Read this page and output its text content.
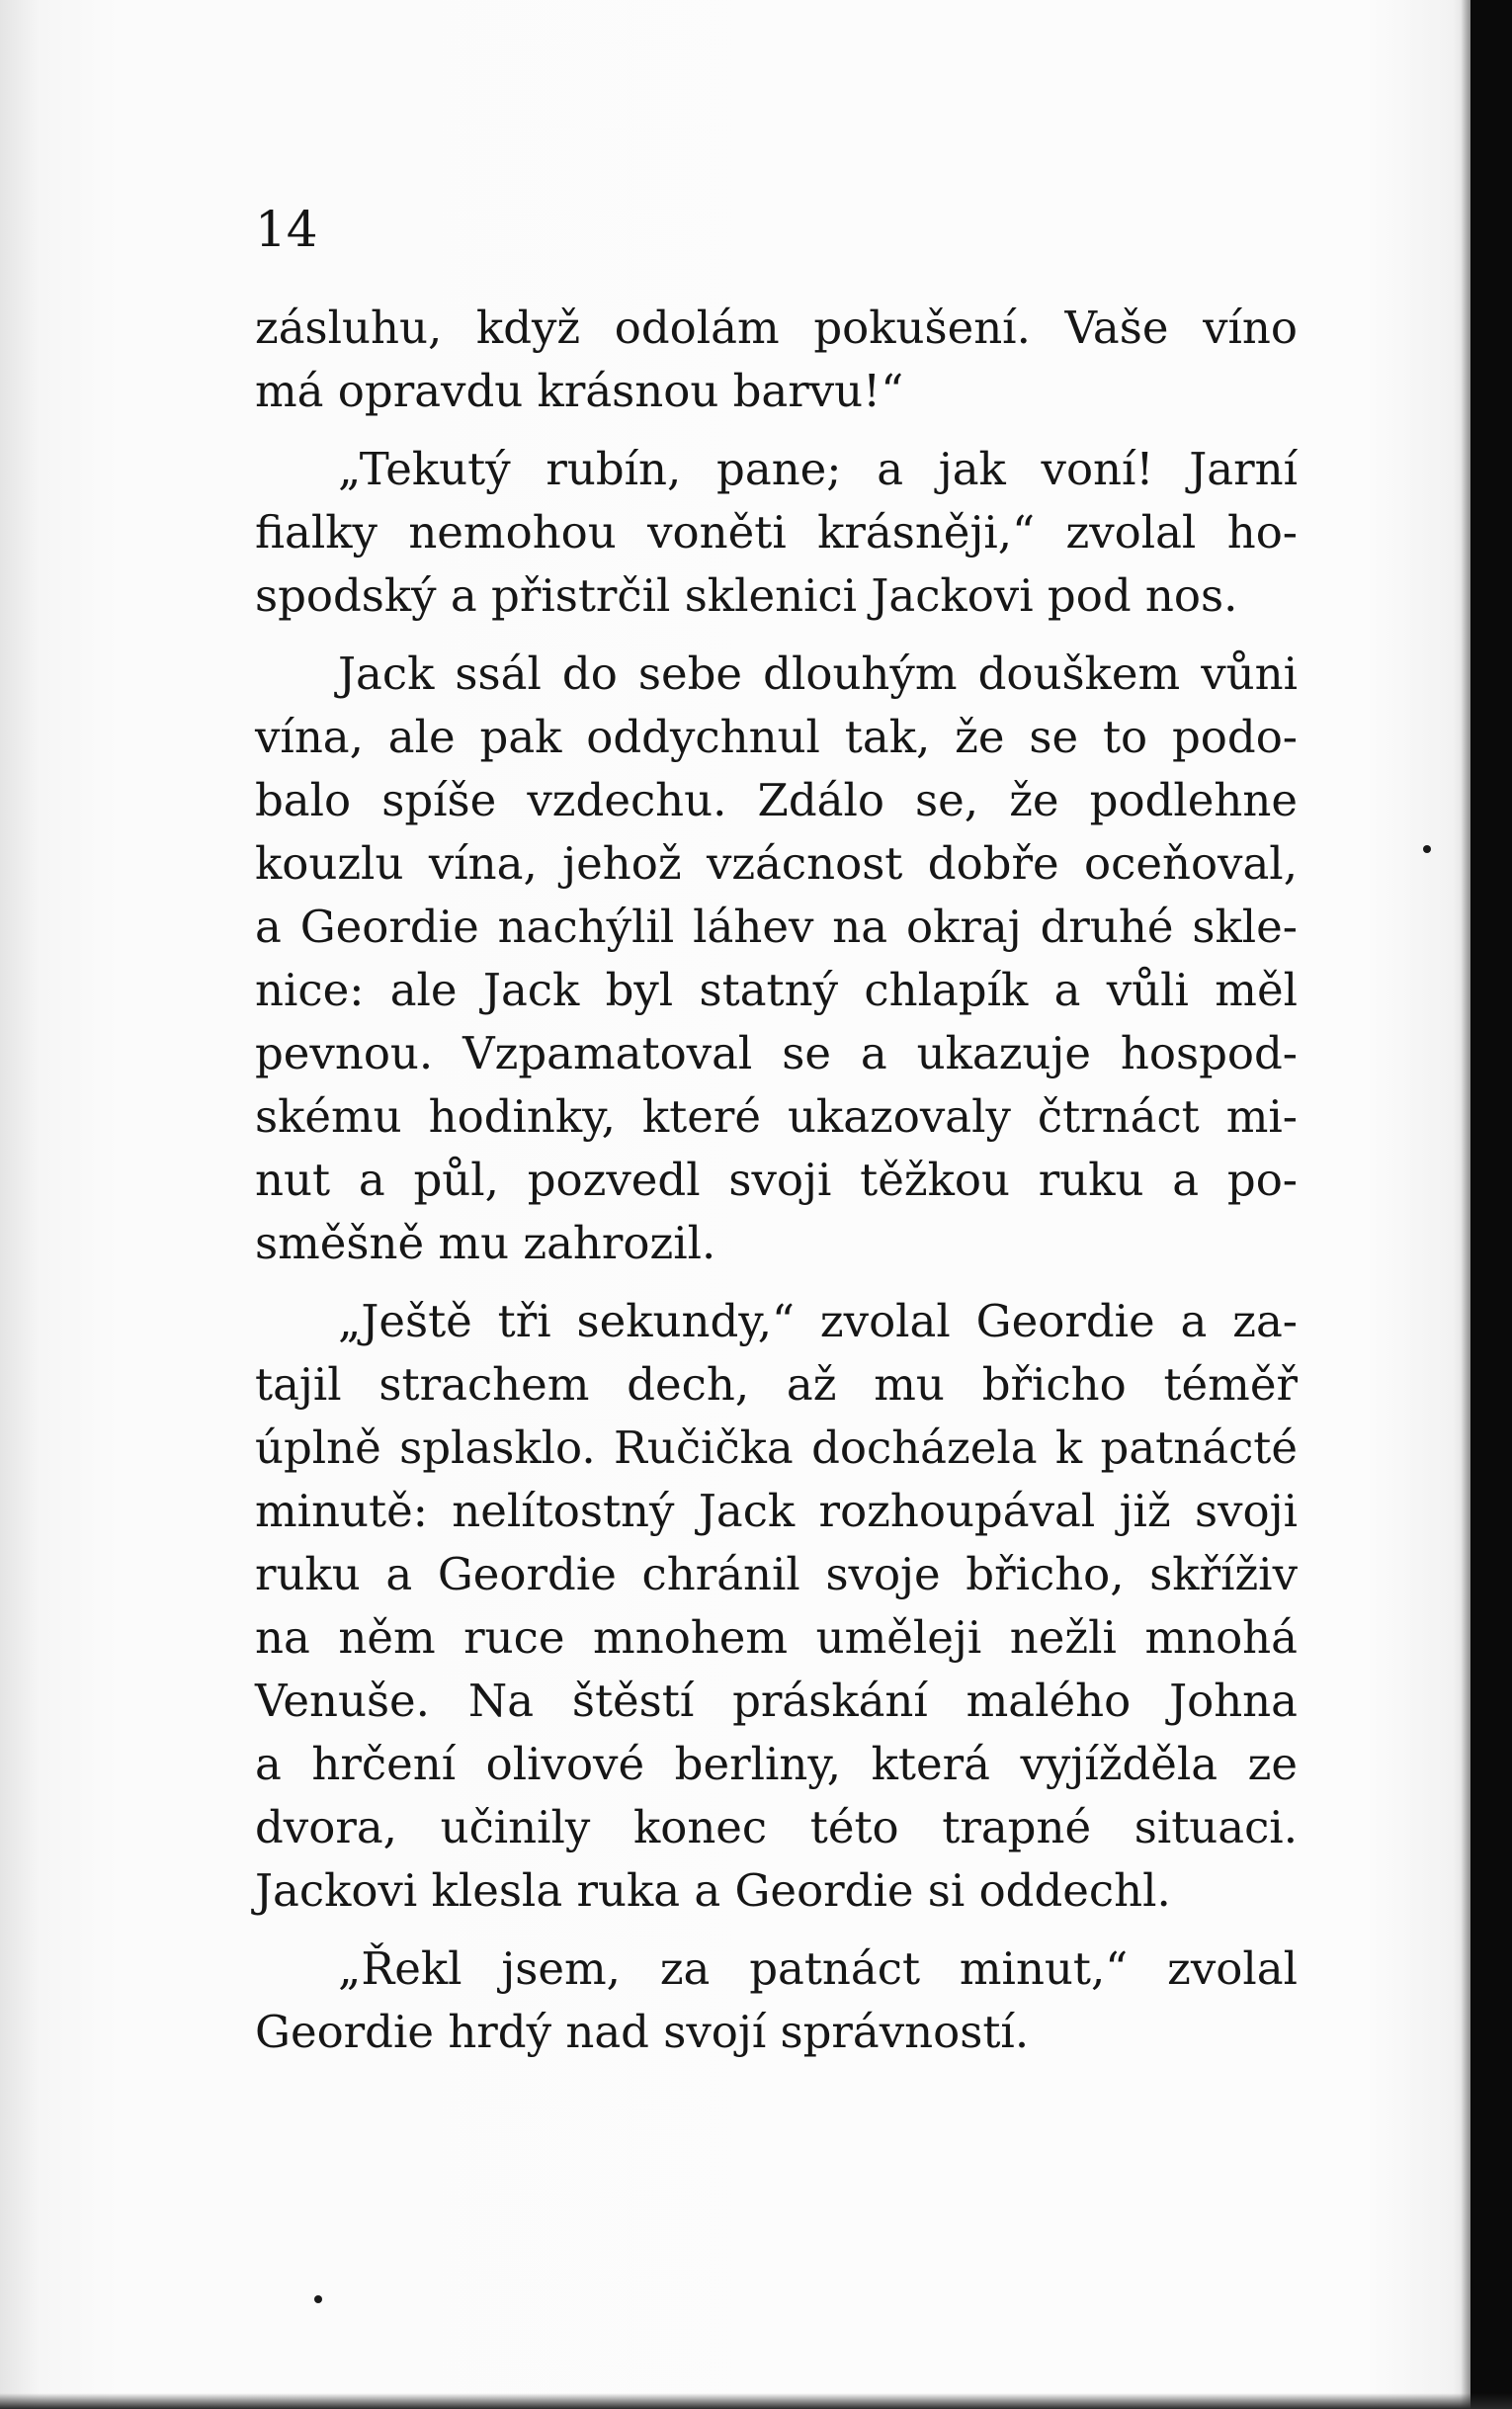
14

zásluhu, když odolám pokušení. Vaše víno
má opravdu krásnou barvu!“
„Tekutý rubín, pane; a jak voní! Jarní
fialky nemohou voněti krásněji,“ zvolal ho-
spodský a přistrčil sklenici Jackovi pod nos.
Jack ssál do sebe dlouhým douškem vůni
vína, ale pak oddychnul tak, že se to podo-
balo spíše vzdechu. Zdálo se, že podlehne
kouzlu vína, jehož vzácnost dobře oceňoval,
a Geordie nachýlil láhev na okraj druhé skle-
nice: ale Jack byl statný chlapík a vůli měl
pevnou. Vzpamatoval se a ukazuje hospod-
skému hodinky, které ukazovaly čtrnáct mi-
nut a půl, pozvedl svoji těžkou ruku a po-
směšně mu zahrozil.
„Ještě tři sekundy,“ zvolal Geordie a za-
tajil strachem dech, až mu břicho téměř
úplně splasklo. Ručička docházela k patnácté
minutě: nelítostný Jack rozhoupával již svoji
ruku a Geordie chránil svoje břicho, skříživ
na něm ruce mnohem uměleji nežli mnohá
Venuše. Na štěstí práskání malého Johna
a hrčení olivové berliny, která vyjížděla ze
dvora, učinily konec této trapné situaci.
Jackovi klesla ruka a Geordie si oddechl.
„Řekl jsem, za patnáct minut,“ zvolal
Geordie hrdý nad svojí správností.
